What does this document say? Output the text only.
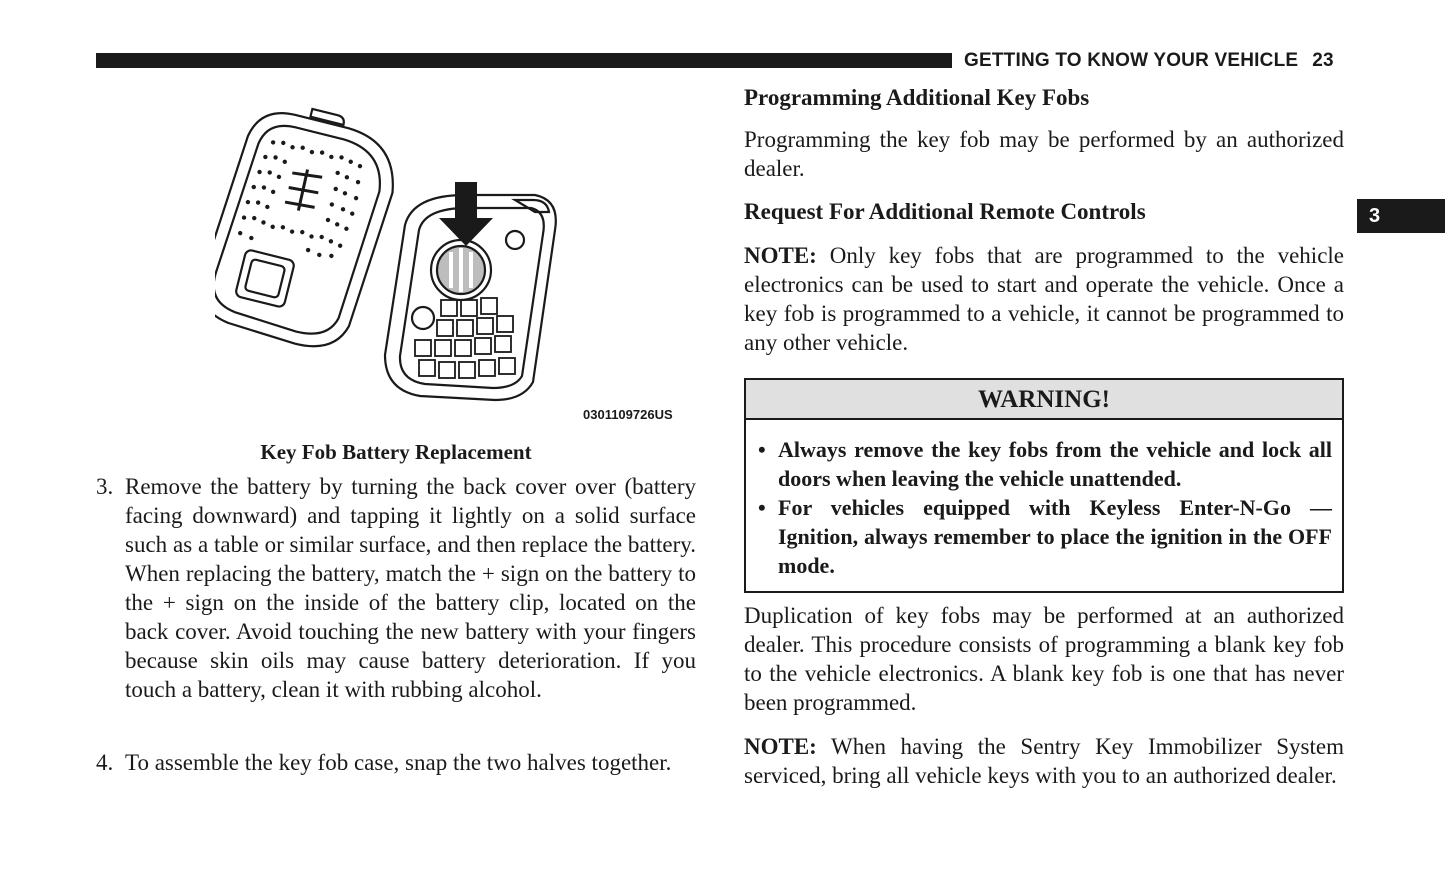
GETTING TO KNOW YOUR VEHICLE 23
3
0301109726US
Key Fob Battery Replacement
3. Remove the battery by turning the back cover over (battery facing downward) and tapping it lightly on a solid surface such as a table or similar surface, and then replace the battery. When replacing the battery, match the + sign on the battery to the + sign on the inside of the battery clip, located on the back cover. Avoid touching the new battery with your fingers because skin oils may cause battery deterioration. If you touch a battery, clean it with rubbing alcohol.
4. To assemble the key fob case, snap the two halves together.
Programming Additional Key Fobs
Programming the key fob may be performed by an authorized dealer.
Request For Additional Remote Controls
NOTE: Only key fobs that are programmed to the vehicle electronics can be used to start and operate the vehicle. Once a key fob is programmed to a vehicle, it cannot be programmed to any other vehicle.
WARNING!
• Always remove the key fobs from the vehicle and lock all doors when leaving the vehicle unattended.
• For vehicles equipped with Keyless Enter-N-Go — Ignition, always remember to place the ignition in the OFF mode.
Duplication of key fobs may be performed at an authorized dealer. This procedure consists of programming a blank key fob to the vehicle electronics. A blank key fob is one that has never been programmed.
NOTE: When having the Sentry Key Immobilizer System serviced, bring all vehicle keys with you to an authorized dealer.
